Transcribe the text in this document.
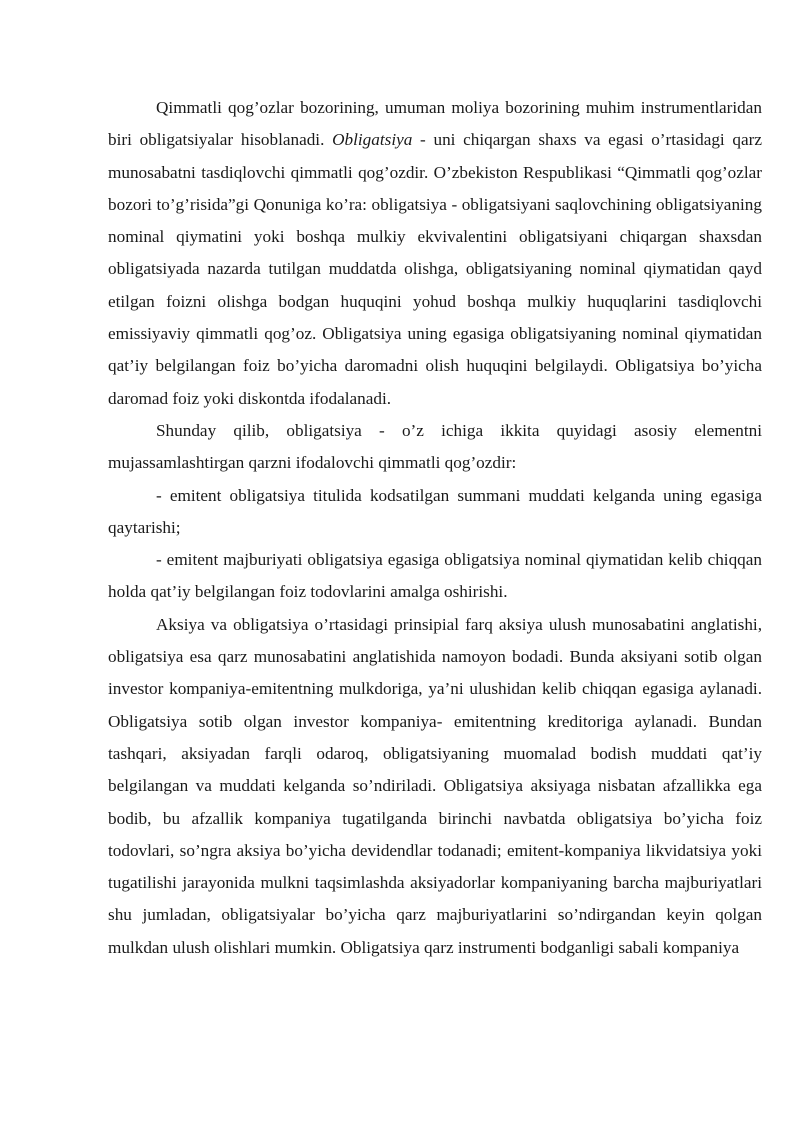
Qimmatli qog’ozlar bozorining, umuman moliya bozorining muhim instrumentlaridan biri obligatsiyalar hisoblanadi. Obligatsiya - uni chiqargan shaxs va egasi o’rtasidagi qarz munosabatni tasdiqlovchi qimmatli qog’ozdir. O’zbekiston Respublikasi “Qimmatli qog’ozlar bozori to’g’risida”gi Qonuniga ko’ra: obligatsiya - obligatsiyani saqlovchining obligatsiyaning nominal qiymatini yoki boshqa mulkiy ekvivalentini obligatsiyani chiqargan shaxsdan obligatsiyada nazarda tutilgan muddatda olishga, obligatsiyaning nominal qiymatidan qayd etilgan foizni olishga bodgan huquqini yohud boshqa mulkiy huquqlarini tasdiqlovchi emissiyaviy qimmatli qog’oz. Obligatsiya uning egasiga obligatsiyaning nominal qiymatidan qat’iy belgilangan foiz bo’yicha daromadni olish huquqini belgilaydi. Obligatsiya bo’yicha daromad foiz yoki diskontda ifodalanadi.

Shunday qilib, obligatsiya - o’z ichiga ikkita quyidagi asosiy elementni mujassamlashtirgan qarzni ifodalovchi qimmatli qog’ozdir:

- emitent obligatsiya titulida kodsatilgan summani muddati kelganda uning egasiga qaytarishi;

- emitent majburiyati obligatsiya egasiga obligatsiya nominal qiymatidan kelib chiqqan holda qat’iy belgilangan foiz todovlarini amalga oshirishi.

Aksiya va obligatsiya o’rtasidagi prinsipial farq aksiya ulush munosabatini anglatishi, obligatsiya esa qarz munosabatini anglatishida namoyon bodadi. Bunda aksiyani sotib olgan investor kompaniya-emitentning mulkdoriga, ya’ni ulushidan kelib chiqqan egasiga aylanadi. Obligatsiya sotib olgan investor kompaniya- emitentning kreditoriga aylanadi. Bundan tashqari, aksiyadan farqli odaroq, obligatsiyaning muomalad bodish muddati qat’iy belgilangan va muddati kelganda so’ndiriladi. Obligatsiya aksiyaga nisbatan afzallikka ega bodib, bu afzallik kompaniya tugatilganda birinchi navbatda obligatsiya bo’yicha foiz todovlari, so’ngra aksiya bo’yicha devidendlar todanadi; emitent-kompaniya likvidatsiya yoki tugatilishi jarayonida mulkni taqsimlashda aksiyadorlar kompaniyaning barcha majburiyatlari shu jumladan, obligatsiyalar bo’yicha qarz majburiyatlarini so’ndirgandan keyin qolgan mulkdan ulush olishlari mumkin. Obligatsiya qarz instrumenti bodganligi sabali kompaniya
